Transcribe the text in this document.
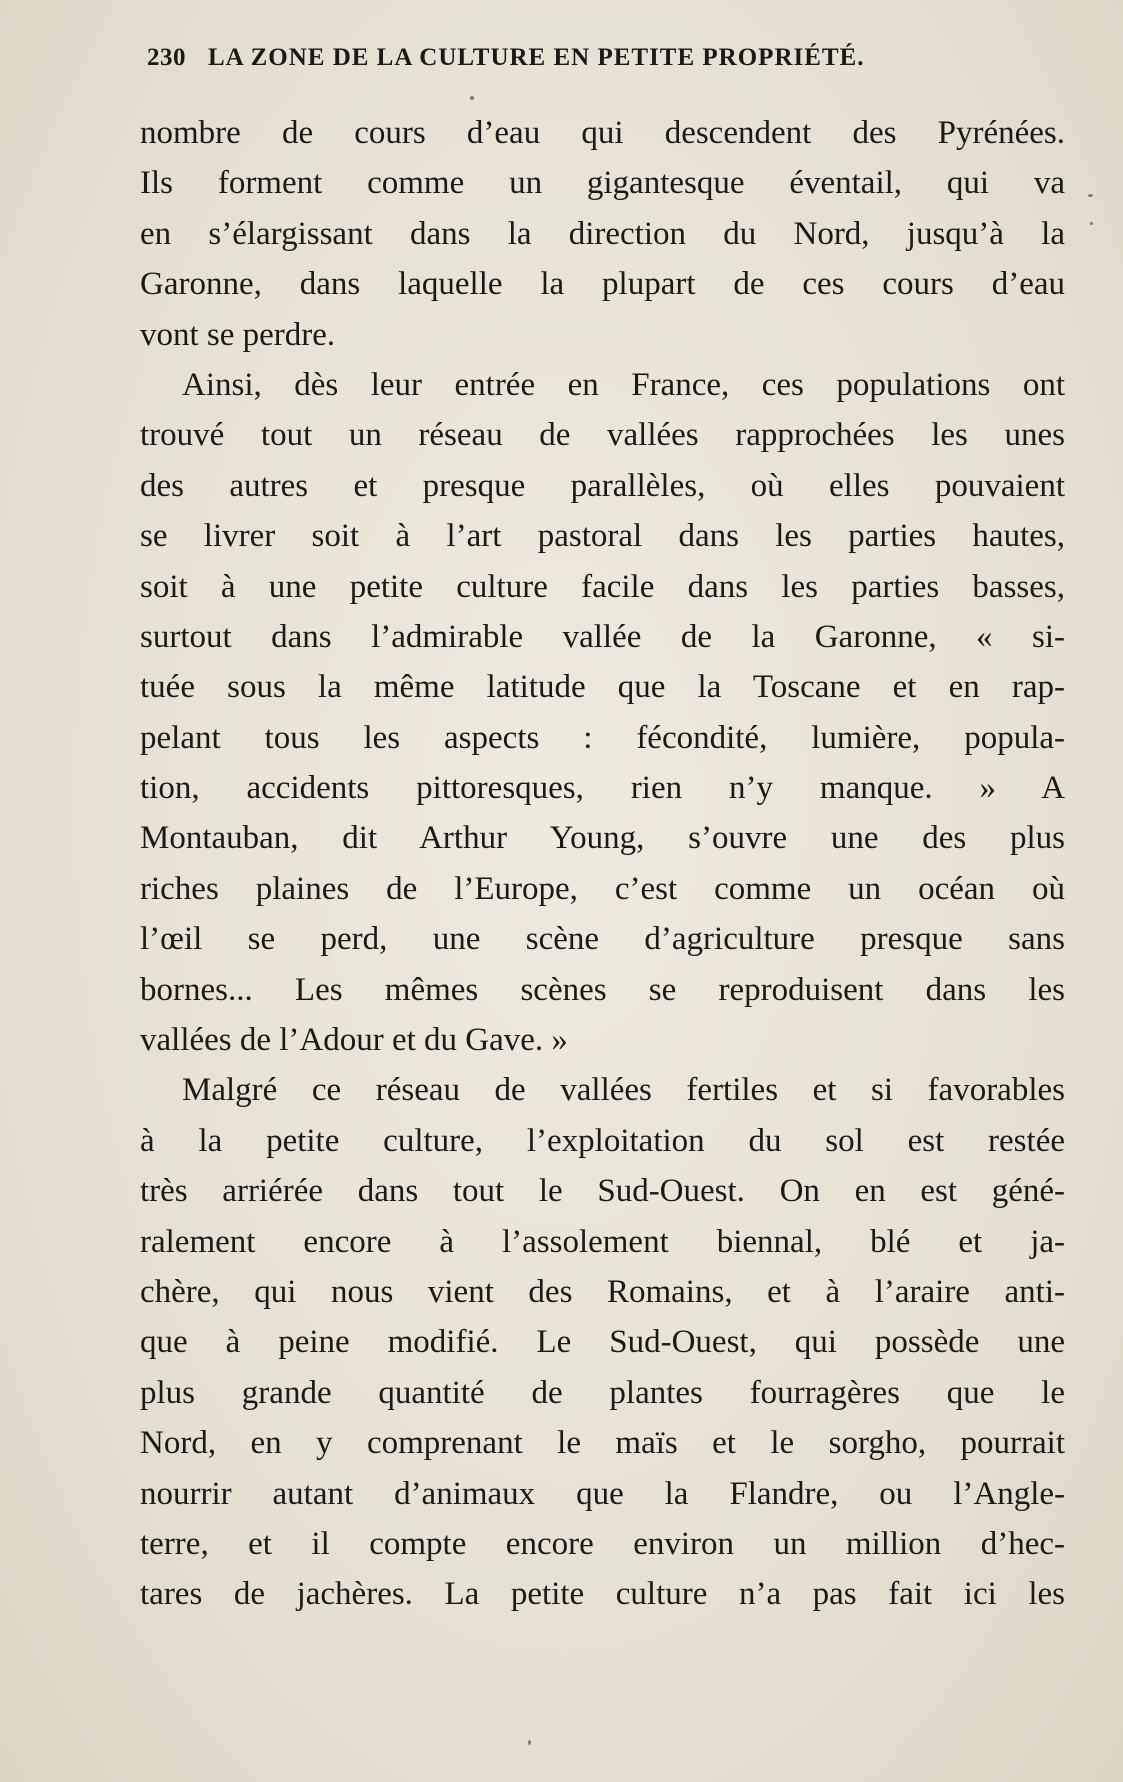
230 LA ZONE DE LA CULTURE EN PETITE PROPRIÉTÉ.
nombre de cours d’eau qui descendent des Pyrénées.
Ils forment comme un gigantesque éventail, qui va
en s’élargissant dans la direction du Nord, jusqu’à la
Garonne, dans laquelle la plupart de ces cours d’eau
vont se perdre.
Ainsi, dès leur entrée en France, ces populations ont
trouvé tout un réseau de vallées rapprochées les unes
des autres et presque parallèles, où elles pouvaient
se livrer soit à l’art pastoral dans les parties hautes,
soit à une petite culture facile dans les parties basses,
surtout dans l’admirable vallée de la Garonne, « si-
tuée sous la même latitude que la Toscane et en rap-
pelant tous les aspects : fécondité, lumière, popula-
tion, accidents pittoresques, rien n’y manque. » A
Montauban, dit Arthur Young, s’ouvre une des plus
riches plaines de l’Europe, c’est comme un océan où
l’œil se perd, une scène d’agriculture presque sans
bornes... Les mêmes scènes se reproduisent dans les
vallées de l’Adour et du Gave. »
Malgré ce réseau de vallées fertiles et si favorables
à la petite culture, l’exploitation du sol est restée
très arriérée dans tout le Sud-Ouest. On en est géné-
ralement encore à l’assolement biennal, blé et ja-
chère, qui nous vient des Romains, et à l’araire anti-
que à peine modifié. Le Sud-Ouest, qui possède une
plus grande quantité de plantes fourragères que le
Nord, en y comprenant le maïs et le sorgho, pourrait
nourrir autant d’animaux que la Flandre, ou l’Angle-
terre, et il compte encore environ un million d’hec-
tares de jachères. La petite culture n’a pas fait ici les
